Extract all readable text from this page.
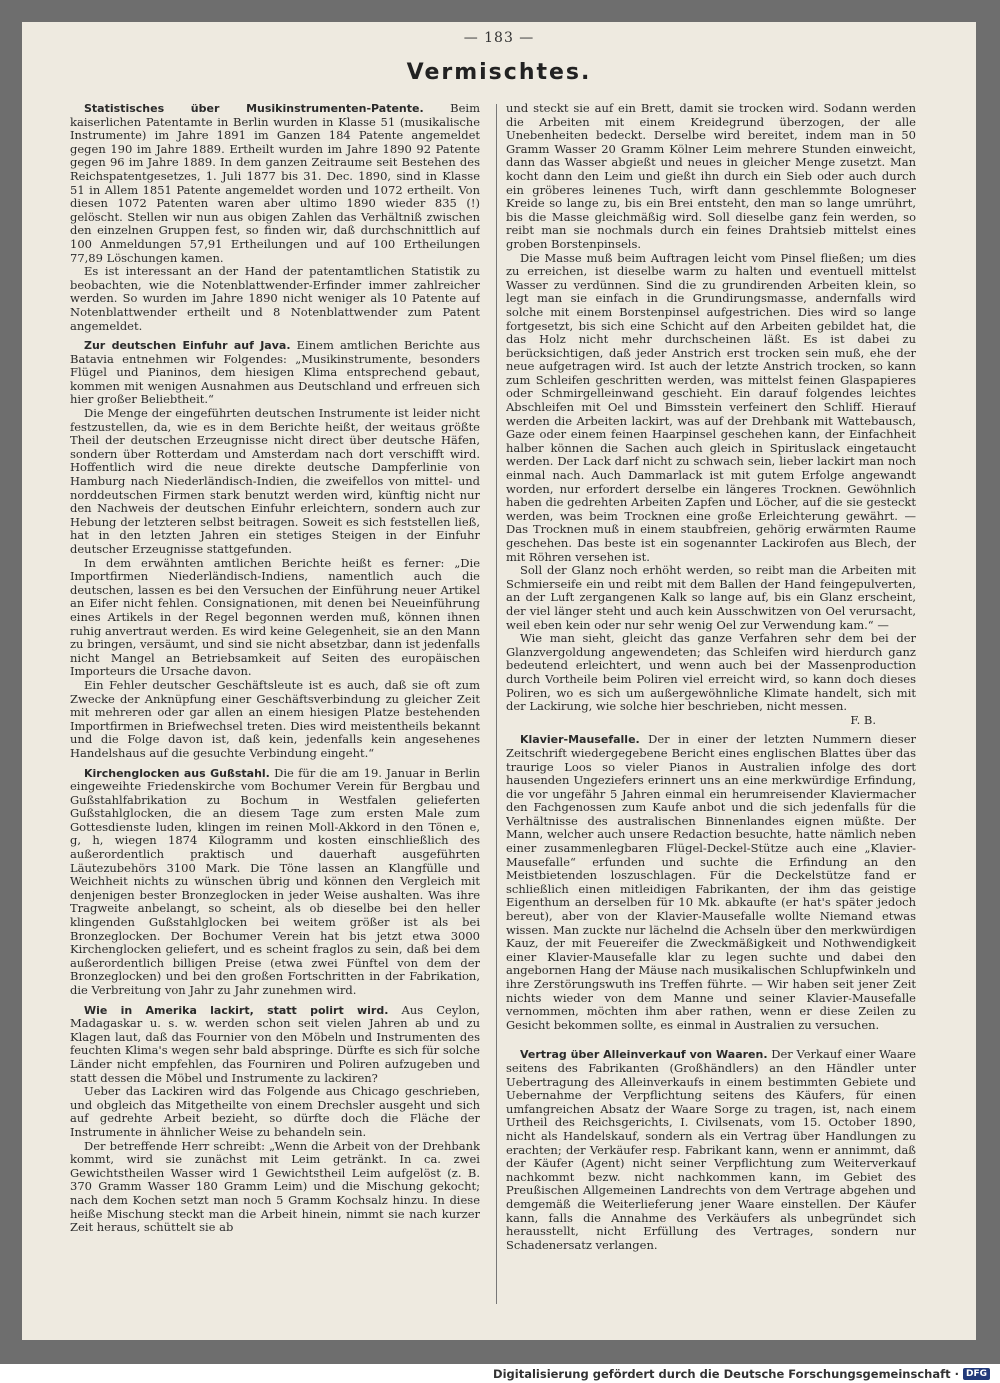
— 183 —
Vermischtes.

Statistisches über Musikinstrumenten-Patente. Beim kaiserlichen Patentamte in Berlin wurden in Klasse 51 (musikalische Instrumente) im Jahre 1891 im Ganzen 184 Patente angemeldet gegen 190 im Jahre 1889. Ertheilt wurden im Jahre 1890 92 Patente gegen 96 im Jahre 1889. In dem ganzen Zeitraume seit Bestehen des Reichspatentgesetzes, 1. Juli 1877 bis 31. Dec. 1890, sind in Klasse 51 in Allem 1851 Patente angemeldet worden und 1072 ertheilt. Von diesen 1072 Patenten waren aber ultimo 1890 wieder 835 (!) gelöscht. Stellen wir nun aus obigen Zahlen das Verhältniß zwischen den einzelnen Gruppen fest, so finden wir, daß durchschnittlich auf 100 Anmeldungen 57,91 Ertheilungen und auf 100 Ertheilungen 77,89 Löschungen kamen.

Es ist interessant an der Hand der patentamtlichen Statistik zu beobachten, wie die Notenblattwender-Erfinder immer zahlreicher werden. So wurden im Jahre 1890 nicht weniger als 10 Patente auf Notenblattwender ertheilt und 8 Notenblattwender zum Patent angemeldet.

Zur deutschen Einfuhr auf Java. Einem amtlichen Berichte aus Batavia entnehmen wir Folgendes: „Musikinstrumente, besonders Flügel und Pianinos, dem hiesigen Klima entsprechend gebaut, kommen mit wenigen Ausnahmen aus Deutschland und erfreuen sich hier großer Beliebtheit.“

Die Menge der eingeführten deutschen Instrumente ist leider nicht festzustellen, da, wie es in dem Berichte heißt, der weitaus größte Theil der deutschen Erzeugnisse nicht direct über deutsche Häfen, sondern über Rotterdam und Amsterdam nach dort verschifft wird. Hoffentlich wird die neue direkte deutsche Dampferlinie von Hamburg nach Niederländisch-Indien, die zweifellos von mittel- und norddeutschen Firmen stark benutzt werden wird, künftig nicht nur den Nachweis der deutschen Einfuhr erleichtern, sondern auch zur Hebung der letzteren selbst beitragen. Soweit es sich feststellen ließ, hat in den letzten Jahren ein stetiges Steigen in der Einfuhr deutscher Erzeugnisse stattgefunden.

In dem erwähnten amtlichen Berichte heißt es ferner: „Die Importfirmen Niederländisch-Indiens, namentlich auch die deutschen, lassen es bei den Versuchen der Einführung neuer Artikel an Eifer nicht fehlen. Consignationen, mit denen bei Neueinführung eines Artikels in der Regel begonnen werden muß, können ihnen ruhig anvertraut werden. Es wird keine Gelegenheit, sie an den Mann zu bringen, versäumt, und sind sie nicht absetzbar, dann ist jedenfalls nicht Mangel an Betriebsamkeit auf Seiten des europäischen Importeurs die Ursache davon.

Ein Fehler deutscher Geschäftsleute ist es auch, daß sie oft zum Zwecke der Anknüpfung einer Geschäftsverbindung zu gleicher Zeit mit mehreren oder gar allen an einem hiesigen Platze bestehenden Importfirmen in Briefwechsel treten. Dies wird meistentheils bekannt und die Folge davon ist, daß kein, jedenfalls kein angesehenes Handelshaus auf die gesuchte Verbindung eingeht.“

Kirchenglocken aus Gußstahl. Die für die am 19. Januar in Berlin eingeweihte Friedenskirche vom Bochumer Verein für Bergbau und Gußstahlfabrikation zu Bochum in Westfalen gelieferten Gußstahlglocken, die an diesem Tage zum ersten Male zum Gottesdienste luden, klingen im reinen Moll-Akkord in den Tönen e, g, h, wiegen 1874 Kilogramm und kosten einschließlich des außerordentlich praktisch und dauerhaft ausgeführten Läutezubehörs 3100 Mark. Die Töne lassen an Klangfülle und Weichheit nichts zu wünschen übrig und können den Vergleich mit denjenigen bester Bronzeglocken in jeder Weise aushalten. Was ihre Tragweite anbelangt, so scheint, als ob dieselbe bei den heller klingenden Gußstahlglocken bei weitem größer ist als bei Bronzeglocken. Der Bochumer Verein hat bis jetzt etwa 3000 Kirchenglocken geliefert, und es scheint fraglos zu sein, daß bei dem außerordentlich billigen Preise (etwa zwei Fünftel von dem der Bronzeglocken) und bei den großen Fortschritten in der Fabrikation, die Verbreitung von Jahr zu Jahr zunehmen wird.

Wie in Amerika lackirt, statt polirt wird. Aus Ceylon, Madagaskar u. s. w. werden schon seit vielen Jahren ab und zu Klagen laut, daß das Fournier von den Möbeln und Instrumenten des feuchten Klima's wegen sehr bald abspringe. Dürfte es sich für solche Länder nicht empfehlen, das Fourniren und Poliren aufzugeben und statt dessen die Möbel und Instrumente zu lackiren?

Ueber das Lackiren wird das Folgende aus Chicago geschrieben, und obgleich das Mitgetheilte von einem Drechsler ausgeht und sich auf gedrehte Arbeit bezieht, so dürfte doch die Fläche der Instrumente in ähnlicher Weise zu behandeln sein.

Der betreffende Herr schreibt: „Wenn die Arbeit von der Drehbank kommt, wird sie zunächst mit Leim getränkt. In ca. zwei Gewichtstheilen Wasser wird 1 Gewichtstheil Leim aufgelöst (z. B. 370 Gramm Wasser 180 Gramm Leim) und die Mischung gekocht; nach dem Kochen setzt man noch 5 Gramm Kochsalz hinzu. In diese heiße Mischung steckt man die Arbeit hinein, nimmt sie nach kurzer Zeit heraus, schüttelt sie ab

und steckt sie auf ein Brett, damit sie trocken wird. Sodann werden die Arbeiten mit einem Kreidegrund überzogen, der alle Unebenheiten bedeckt. Derselbe wird bereitet, indem man in 50 Gramm Wasser 20 Gramm Kölner Leim mehrere Stunden einweicht, dann das Wasser abgießt und neues in gleicher Menge zusetzt. Man kocht dann den Leim und gießt ihn durch ein Sieb oder auch durch ein gröberes leinenes Tuch, wirft dann geschlemmte Bologneser Kreide so lange zu, bis ein Brei entsteht, den man so lange umrührt, bis die Masse gleichmäßig wird. Soll dieselbe ganz fein werden, so reibt man sie nochmals durch ein feines Drahtsieb mittelst eines groben Borstenpinsels.

Die Masse muß beim Auftragen leicht vom Pinsel fließen; um dies zu erreichen, ist dieselbe warm zu halten und eventuell mittelst Wasser zu verdünnen. Sind die zu grundirenden Arbeiten klein, so legt man sie einfach in die Grundirungsmasse, andernfalls wird solche mit einem Borstenpinsel aufgestrichen. Dies wird so lange fortgesetzt, bis sich eine Schicht auf den Arbeiten gebildet hat, die das Holz nicht mehr durchscheinen läßt. Es ist dabei zu berücksichtigen, daß jeder Anstrich erst trocken sein muß, ehe der neue aufgetragen wird. Ist auch der letzte Anstrich trocken, so kann zum Schleifen geschritten werden, was mittelst feinen Glaspapieres oder Schmirgelleinwand geschieht. Ein darauf folgendes leichtes Abschleifen mit Oel und Bimsstein verfeinert den Schliff. Hierauf werden die Arbeiten lackirt, was auf der Drehbank mit Wattebausch, Gaze oder einem feinen Haarpinsel geschehen kann, der Einfachheit halber können die Sachen auch gleich in Spirituslack eingetaucht werden. Der Lack darf nicht zu schwach sein, lieber lackirt man noch einmal nach. Auch Dammarlack ist mit gutem Erfolge angewandt worden, nur erfordert derselbe ein längeres Trocknen. Gewöhnlich haben die gedrehten Arbeiten Zapfen und Löcher, auf die sie gesteckt werden, was beim Trocknen eine große Erleichterung gewährt. — Das Trocknen muß in einem staubfreien, gehörig erwärmten Raume geschehen. Das beste ist ein sogenannter Lackirofen aus Blech, der mit Röhren versehen ist.

Soll der Glanz noch erhöht werden, so reibt man die Arbeiten mit Schmierseife ein und reibt mit dem Ballen der Hand feingepulverten, an der Luft zergangenen Kalk so lange auf, bis ein Glanz erscheint, der viel länger steht und auch kein Ausschwitzen von Oel verursacht, weil eben kein oder nur sehr wenig Oel zur Verwendung kam.“ —

Wie man sieht, gleicht das ganze Verfahren sehr dem bei der Glanzvergoldung angewendeten; das Schleifen wird hierdurch ganz bedeutend erleichtert, und wenn auch bei der Massenproduction durch Vortheile beim Poliren viel erreicht wird, so kann doch dieses Poliren, wo es sich um außergewöhnliche Klimate handelt, sich mit der Lackirung, wie solche hier beschrieben, nicht messen.

F. B.

Klavier-Mausefalle. Der in einer der letzten Nummern dieser Zeitschrift wiedergegebene Bericht eines englischen Blattes über das traurige Loos so vieler Pianos in Australien infolge des dort hausenden Ungeziefers erinnert uns an eine merkwürdige Erfindung, die vor ungefähr 5 Jahren einmal ein herumreisender Klaviermacher den Fachgenossen zum Kaufe anbot und die sich jedenfalls für die Verhältnisse des australischen Binnenlandes eignen müßte. Der Mann, welcher auch unsere Redaction besuchte, hatte nämlich neben einer zusammenlegbaren Flügel-Deckel-Stütze auch eine „Klavier-Mausefalle“ erfunden und suchte die Erfindung an den Meistbietenden loszuschlagen. Für die Deckelstütze fand er schließlich einen mitleidigen Fabrikanten, der ihm das geistige Eigenthum an derselben für 10 Mk. abkaufte (er hat's später jedoch bereut), aber von der Klavier-Mausefalle wollte Niemand etwas wissen. Man zuckte nur lächelnd die Achseln über den merkwürdigen Kauz, der mit Feuereifer die Zweckmäßigkeit und Nothwendigkeit einer Klavier-Mausefalle klar zu legen suchte und dabei den angebornen Hang der Mäuse nach musikalischen Schlupfwinkeln und ihre Zerstörungswuth ins Treffen führte. — Wir haben seit jener Zeit nichts wieder von dem Manne und seiner Klavier-Mausefalle vernommen, möchten ihm aber rathen, wenn er diese Zeilen zu Gesicht bekommen sollte, es einmal in Australien zu versuchen.

Vertrag über Alleinverkauf von Waaren. Der Verkauf einer Waare seitens des Fabrikanten (Großhändlers) an den Händler unter Uebertragung des Alleinverkaufs in einem bestimmten Gebiete und Uebernahme der Verpflichtung seitens des Käufers, für einen umfangreichen Absatz der Waare Sorge zu tragen, ist, nach einem Urtheil des Reichsgerichts, I. Civilsenats, vom 15. October 1890, nicht als Handelskauf, sondern als ein Vertrag über Handlungen zu erachten; der Verkäufer resp. Fabrikant kann, wenn er annimmt, daß der Käufer (Agent) nicht seiner Verpflichtung zum Weiterverkauf nachkommt bezw. nicht nachkommen kann, im Gebiet des Preußischen Allgemeinen Landrechts von dem Vertrage abgehen und demgemäß die Weiterlieferung jener Waare einstellen. Der Käufer kann, falls die Annahme des Verkäufers als unbegründet sich herausstellt, nicht Erfüllung des Vertrages, sondern nur Schadenersatz verlangen.

Digitalisierung gefördert durch die Deutsche Forschungsgemeinschaft · DFG
